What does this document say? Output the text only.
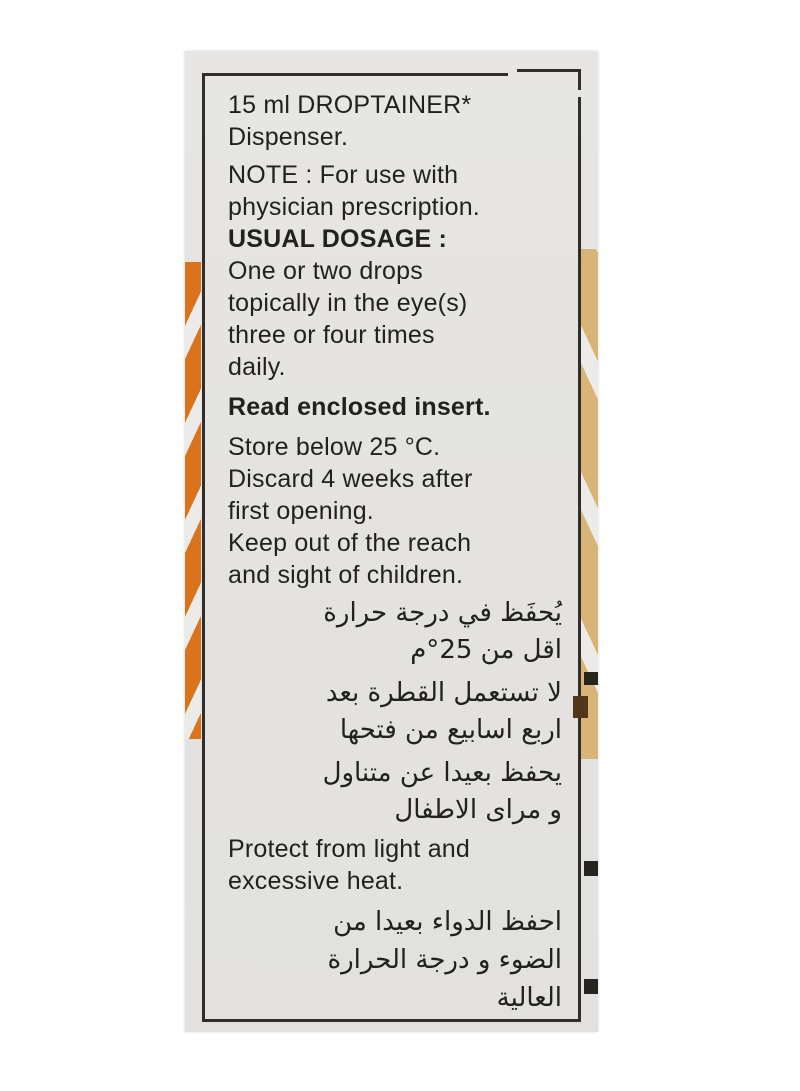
15 ml DROPTAINER*
Dispenser.

NOTE : For use with
physician prescription.

USUAL DOSAGE :

One or two drops
topically in the eye(s)
three or four times
daily.

Read enclosed insert.

Store below 25 °C.
Discard 4 weeks after
first opening.
Keep out of the reach
and sight of children.

يُحفَظ في درجة حرارة
اقل من 25°م

لا تستعمل القطرة بعد
اربع اسابيع من فتحها

يحفظ بعيدا عن متناول
و مراى الاطفال

Protect from light and
excessive heat.

احفظ الدواء بعيدا من
الضوء و درجة الحرارة
العالية
